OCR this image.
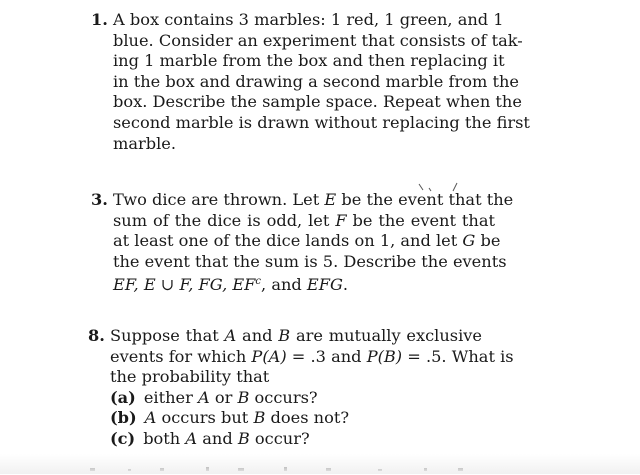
1. A box contains 3 marbles: 1 red, 1 green, and 1
blue. Consider an experiment that consists of tak-
ing 1 marble from the box and then replacing it
in the box and drawing a second marble from the
box. Describe the sample space. Repeat when the
second marble is drawn without replacing the first
marble.
3. Two dice are thrown. Let E be the event that the
sum of the dice is odd, let F be the event that
at least one of the dice lands on 1, and let G be
the event that the sum is 5. Describe the events
EF, E ∪ F, FG, $EF^c$, and EFG.
8. Suppose that A and B are mutually exclusive
events for which P(A) = .3 and P(B) = .5. What is
the probability that
(a) either A or B occurs?
(b) A occurs but B does not?
(c) both A and B occur?
